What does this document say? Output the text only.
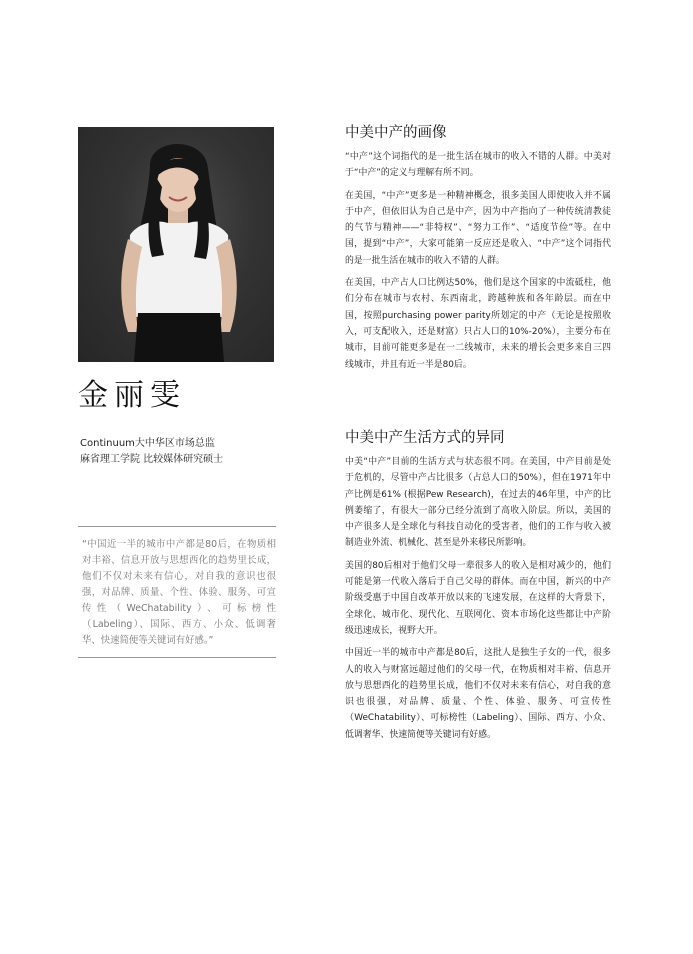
金丽雯
Continuum大中华区市场总监
麻省理工学院 比较媒体研究硕士

“中国近一半的城市中产都是80后，在物质相对丰裕、信息开放与思想西化的趋势里长成，他们不仅对未来有信心，对自我的意识也很强，对品牌、质量、个性、体验、服务、可宣传性（WeChatability）、可标榜性（Labeling）、国际、西方、小众、低调奢华、快速简便等关键词有好感。”

中美中产的画像

“中产”这个词指代的是一批生活在城市的收入不错的人群。中美对于“中产”的定义与理解有所不同。

在美国，“中产”更多是一种精神概念，很多美国人即使收入并不属于中产，但依旧认为自己是中产，因为中产指向了一种传统清教徒的气节与精神——“非特权”、“努力工作”、“适度节俭”等。在中国，提到“中产”，大家可能第一反应还是收入、“中产”这个词指代的是一批生活在城市的收入不错的人群。

在美国，中产占人口比例达50%，他们是这个国家的中流砥柱，他们分布在城市与农村、东西南北，跨越种族和各年龄层。而在中国，按照purchasing power parity所划定的中产（无论是按照收入，可支配收入，还是财富）只占人口的10%-20%），主要分布在城市，目前可能更多是在一二线城市，未来的增长会更多来自三四线城市，并且有近一半是80后。

中美中产生活方式的异同

中美“中产”目前的生活方式与状态很不同。在美国，中产目前是处于危机的，尽管中产占比很多（占总人口的50%），但在1971年中产比例是61% (根据Pew Research)，在过去的46年里，中产的比例萎缩了，有很大一部分已经分流到了高收入阶层。所以，美国的中产很多人是全球化与科技自动化的受害者，他们的工作与收入被制造业外流、机械化、甚至是外来移民所影响。

美国的80后相对于他们父母一辈很多人的收入是相对减少的，他们可能是第一代收入落后于自己父母的群体。而在中国，新兴的中产阶级受惠于中国自改革开放以来的飞速发展，在这样的大背景下，全球化、城市化、现代化、互联网化、资本市场化这些都让中产阶级迅速成长，视野大开。

中国近一半的城市中产都是80后，这批人是独生子女的一代，很多人的收入与财富远超过他们的父母一代，在物质相对丰裕、信息开放与思想西化的趋势里长成，他们不仅对未来有信心，对自我的意识也很强，对品牌、质量、个性、体验、服务、可宣传性（WeChatability）、可标榜性（Labeling）、国际、西方、小众、低调奢华、快速简便等关键词有好感。
